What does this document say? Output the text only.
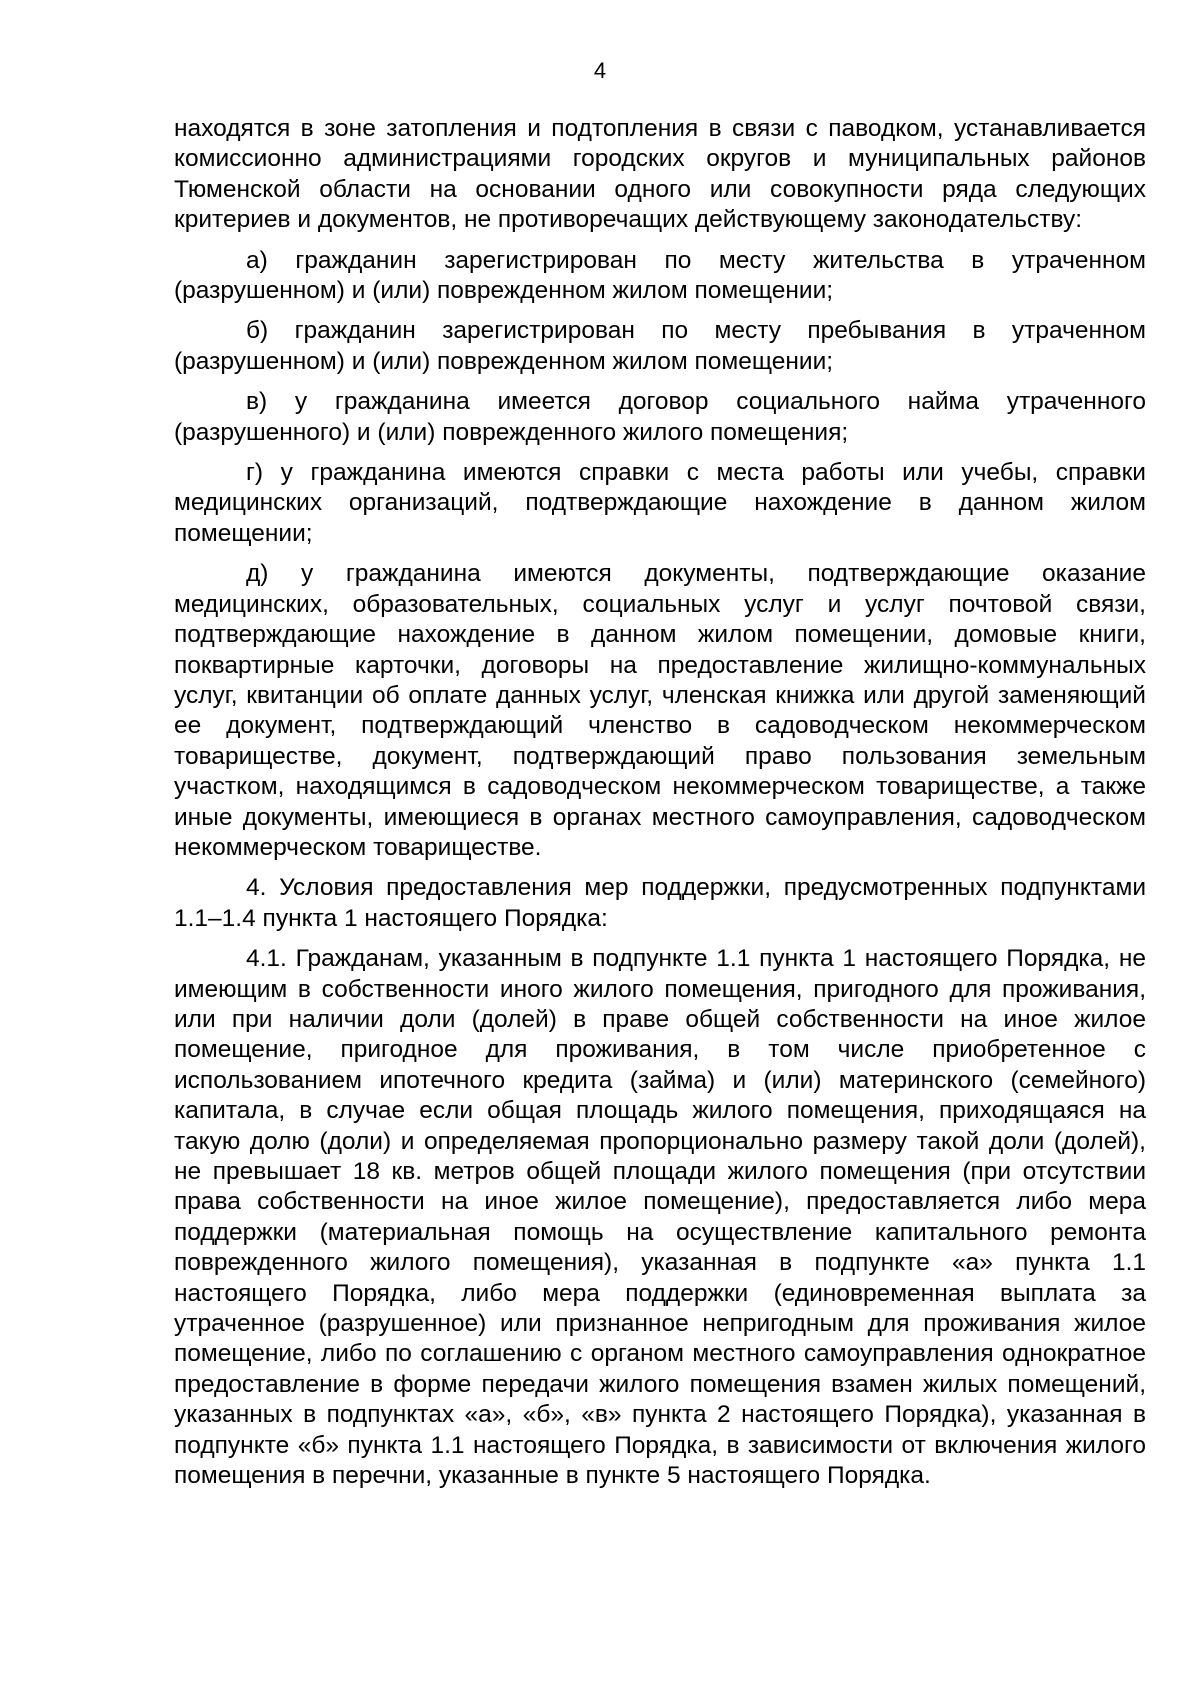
4

находятся в зоне затопления и подтопления в связи с паводком, устанавливается комиссионно администрациями городских округов и муниципальных районов Тюменской области на основании одного или совокупности ряда следующих критериев и документов, не противоречащих действующему законодательству:

а) гражданин зарегистрирован по месту жительства в утраченном (разрушенном) и (или) поврежденном жилом помещении;

б) гражданин зарегистрирован по месту пребывания в утраченном (разрушенном) и (или) поврежденном жилом помещении;

в) у гражданина имеется договор социального найма утраченного (разрушенного) и (или) поврежденного жилого помещения;

г) у гражданина имеются справки с места работы или учебы, справки медицинских организаций, подтверждающие нахождение в данном жилом помещении;

д) у гражданина имеются документы, подтверждающие оказание медицинских, образовательных, социальных услуг и услуг почтовой связи, подтверждающие нахождение в данном жилом помещении, домовые книги, поквартирные карточки, договоры на предоставление жилищно-коммунальных услуг, квитанции об оплате данных услуг, членская книжка или другой заменяющий ее документ, подтверждающий членство в садоводческом некоммерческом товариществе, документ, подтверждающий право пользования земельным участком, находящимся в садоводческом некоммерческом товариществе, а также иные документы, имеющиеся в органах местного самоуправления, садоводческом некоммерческом товариществе.

4. Условия предоставления мер поддержки, предусмотренных подпунктами 1.1–1.4 пункта 1 настоящего Порядка:

4.1. Гражданам, указанным в подпункте 1.1 пункта 1 настоящего Порядка, не имеющим в собственности иного жилого помещения, пригодного для проживания, или при наличии доли (долей) в праве общей собственности на иное жилое помещение, пригодное для проживания, в том числе приобретенное с использованием ипотечного кредита (займа) и (или) материнского (семейного) капитала, в случае если общая площадь жилого помещения, приходящаяся на такую долю (доли) и определяемая пропорционально размеру такой доли (долей), не превышает 18 кв. метров общей площади жилого помещения (при отсутствии права собственности на иное жилое помещение), предоставляется либо мера поддержки (материальная помощь на осуществление капитального ремонта поврежденного жилого помещения), указанная в подпункте «а» пункта 1.1 настоящего Порядка, либо мера поддержки (единовременная выплата за утраченное (разрушенное) или признанное непригодным для проживания жилое помещение, либо по соглашению с органом местного самоуправления однократное предоставление в форме передачи жилого помещения взамен жилых помещений, указанных в подпунктах «а», «б», «в» пункта 2 настоящего Порядка), указанная в подпункте «б» пункта 1.1 настоящего Порядка, в зависимости от включения жилого помещения в перечни, указанные в пункте 5 настоящего Порядка.
